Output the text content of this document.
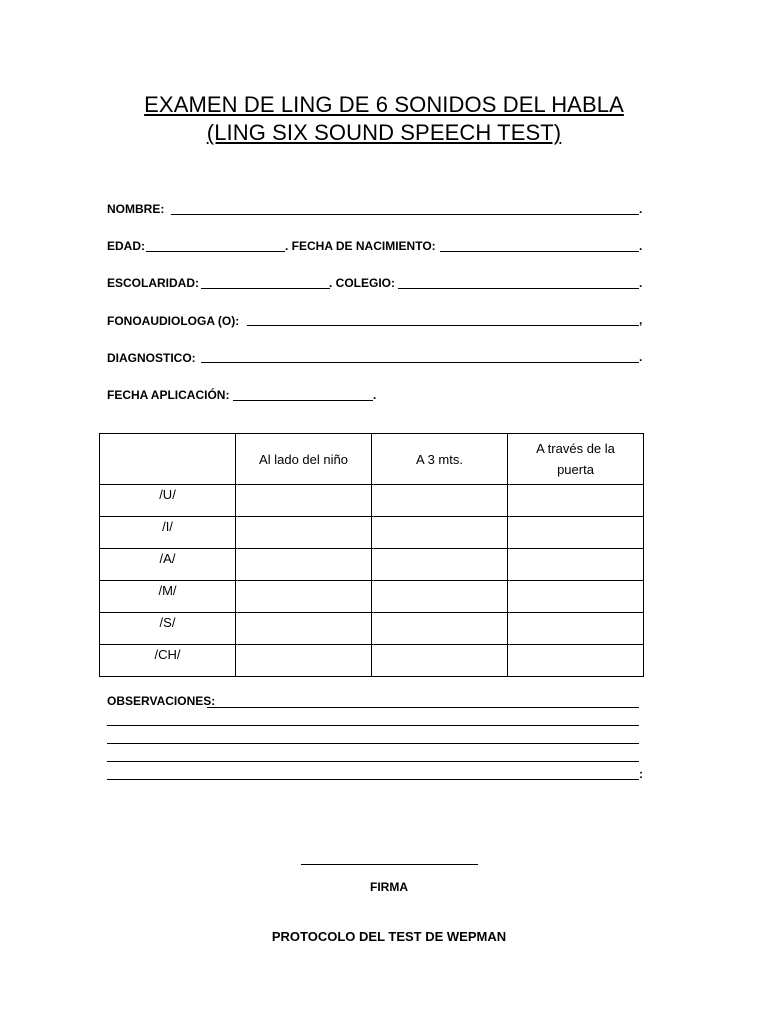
EXAMEN DE LING DE 6 SONIDOS DEL HABLA
(LING SIX SOUND SPEECH TEST)
NOMBRE:	.
EDAD:	. FECHA DE NACIMIENTO:	.
ESCOLARIDAD:	. COLEGIO:	.
FONOAUDIOLOGA (O):	,
DIAGNOSTICO:	.
FECHA APLICACIÓN:	.
	Al lado del niño	A 3 mts.	A través de la puerta
/U/			
/I/			
/A/			
/M/			
/S/			
/CH/			
OBSERVACIONES:
:
FIRMA
PROTOCOLO DEL TEST DE WEPMAN
